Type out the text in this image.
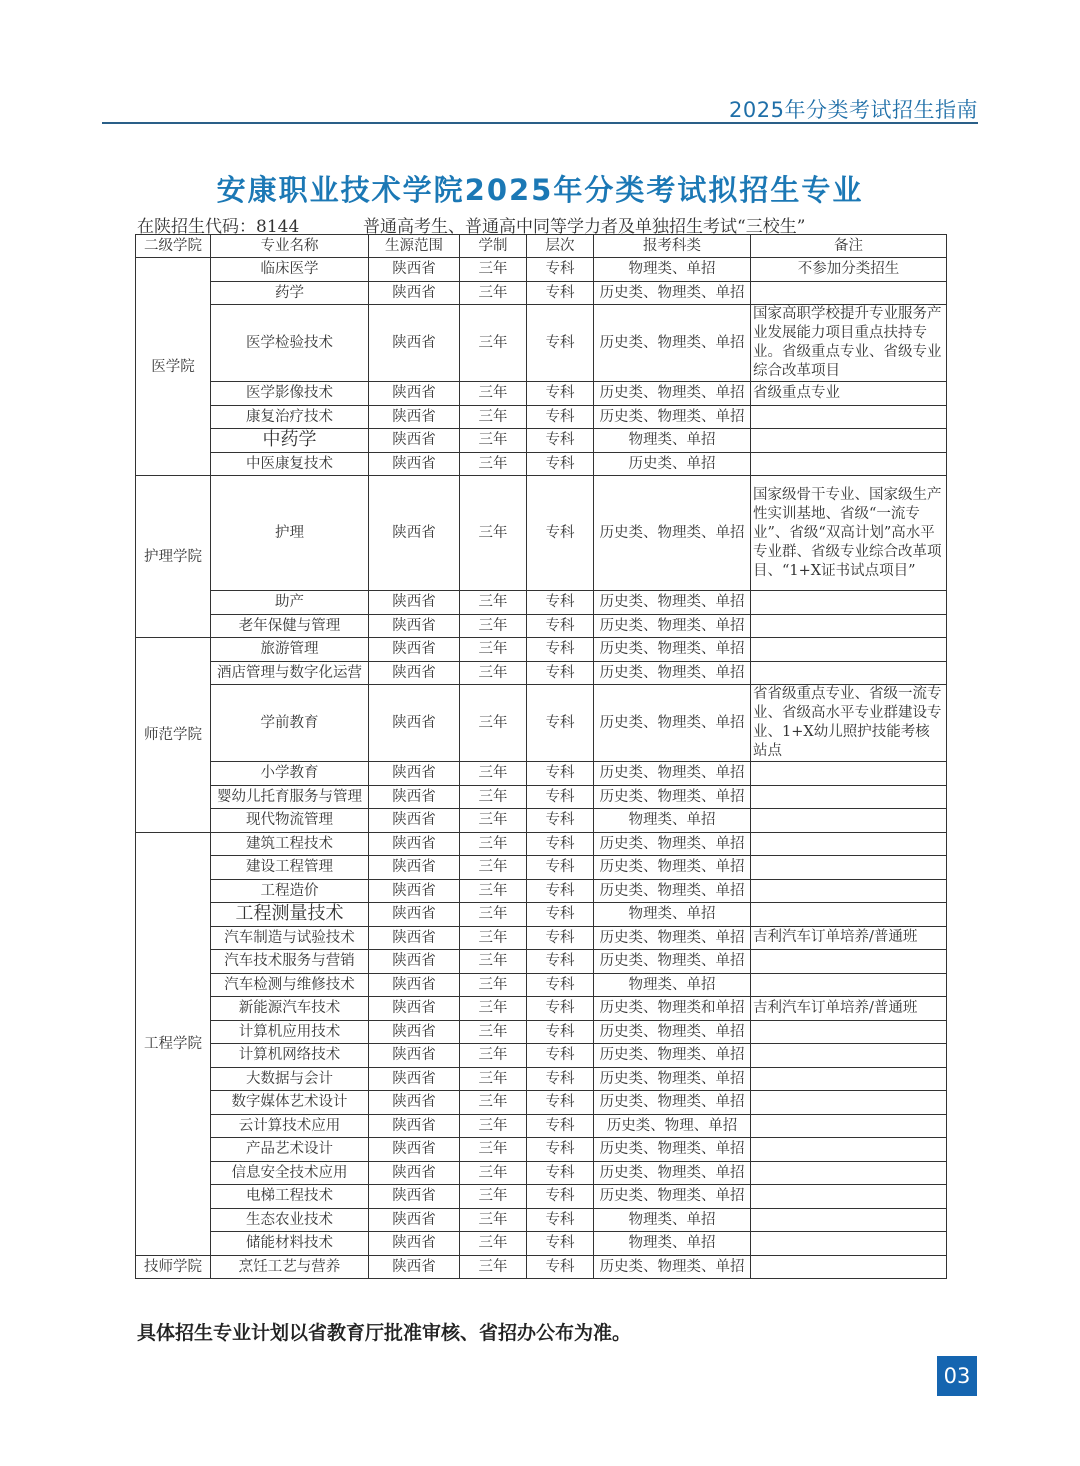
2025年分类考试招生指南
安康职业技术学院2025年分类考试拟招生专业
在陕招生代码：8144	普通高考生、普通高中同等学力者及单独招生考试“三校生”
二级学院	专业名称	生源范围	学制	层次	报考科类	备注
医学院	临床医学	陕西省	三年	专科	物理类、单招	不参加分类招生
	药学	陕西省	三年	专科	历史类、物理类、单招	
	医学检验技术	陕西省	三年	专科	历史类、物理类、单招	国家高职学校提升专业服务产业发展能力项目重点扶持专业。省级重点专业、省级专业综合改革项目
	医学影像技术	陕西省	三年	专科	历史类、物理类、单招	省级重点专业
	康复治疗技术	陕西省	三年	专科	历史类、物理类、单招	
	中药学	陕西省	三年	专科	物理类、单招	
	中医康复技术	陕西省	三年	专科	历史类、单招	
护理学院	护理	陕西省	三年	专科	历史类、物理类、单招	国家级骨干专业、国家级生产性实训基地、省级“一流专业”、省级“双高计划”高水平专业群、省级专业综合改革项目、“1+X证书试点项目”
	助产	陕西省	三年	专科	历史类、物理类、单招	
	老年保健与管理	陕西省	三年	专科	历史类、物理类、单招	
师范学院	旅游管理	陕西省	三年	专科	历史类、物理类、单招	
	酒店管理与数字化运营	陕西省	三年	专科	历史类、物理类、单招	
	学前教育	陕西省	三年	专科	历史类、物理类、单招	省省级重点专业、省级一流专业、省级高水平专业群建设专业、1+X幼儿照护技能考核站点
	小学教育	陕西省	三年	专科	历史类、物理类、单招	
	婴幼儿托育服务与管理	陕西省	三年	专科	历史类、物理类、单招	
	现代物流管理	陕西省	三年	专科	物理类、单招	
工程学院	建筑工程技术	陕西省	三年	专科	历史类、物理类、单招	
	建设工程管理	陕西省	三年	专科	历史类、物理类、单招	
	工程造价	陕西省	三年	专科	历史类、物理类、单招	
	工程测量技术	陕西省	三年	专科	物理类、单招	
	汽车制造与试验技术	陕西省	三年	专科	历史类、物理类、单招	吉利汽车订单培养/普通班
	汽车技术服务与营销	陕西省	三年	专科	历史类、物理类、单招	
	汽车检测与维修技术	陕西省	三年	专科	物理类、单招	
	新能源汽车技术	陕西省	三年	专科	历史类、物理类和单招	吉利汽车订单培养/普通班
	计算机应用技术	陕西省	三年	专科	历史类、物理类、单招	
	计算机网络技术	陕西省	三年	专科	历史类、物理类、单招	
	大数据与会计	陕西省	三年	专科	历史类、物理类、单招	
	数字媒体艺术设计	陕西省	三年	专科	历史类、物理类、单招	
	云计算技术应用	陕西省	三年	专科	历史类、物理、单招	
	产品艺术设计	陕西省	三年	专科	历史类、物理类、单招	
	信息安全技术应用	陕西省	三年	专科	历史类、物理类、单招	
	电梯工程技术	陕西省	三年	专科	历史类、物理类、单招	
	生态农业技术	陕西省	三年	专科	物理类、单招	
	储能材料技术	陕西省	三年	专科	物理类、单招	
技师学院	烹饪工艺与营养	陕西省	三年	专科	历史类、物理类、单招	
具体招生专业计划以省教育厅批准审核、省招办公布为准。
03
